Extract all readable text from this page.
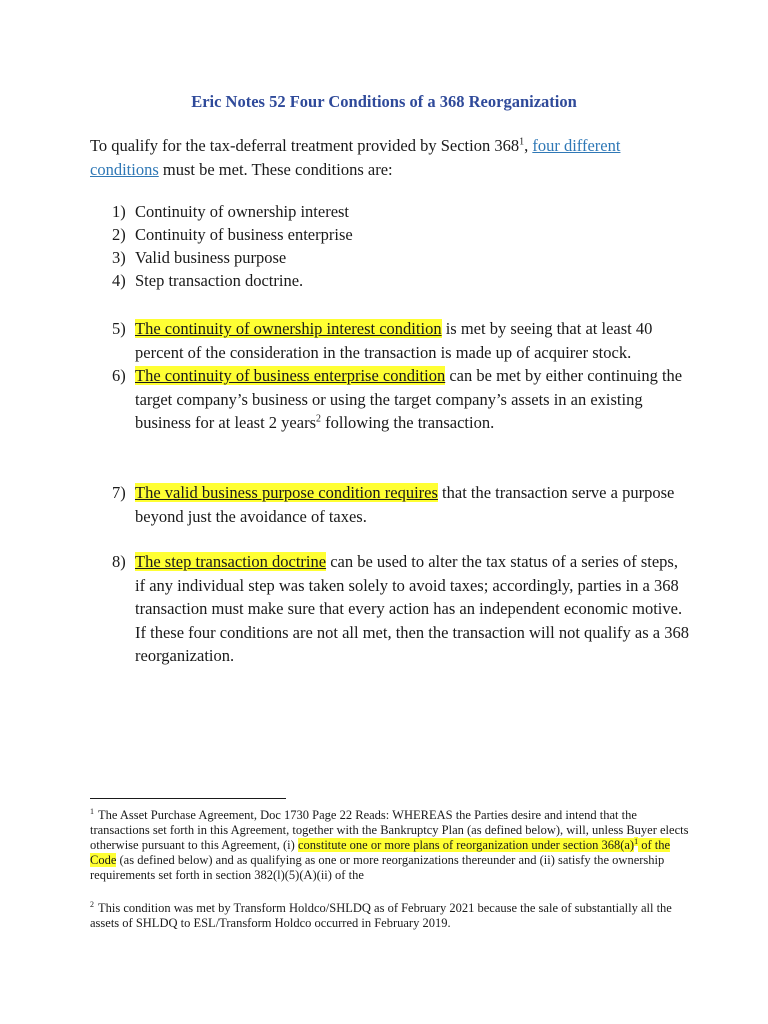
Eric Notes 52 Four Conditions of a 368 Reorganization

To qualify for the tax-deferral treatment provided by Section $368^1$, four different conditions must be met. These conditions are:

1) Continuity of ownership interest
2) Continuity of business enterprise
3) Valid business purpose
4) Step transaction doctrine.
5) The continuity of ownership interest condition is met by seeing that at least 40 percent of the consideration in the transaction is made up of acquirer stock.
6) The continuity of business enterprise condition can be met by either continuing the target company’s business or using the target company’s assets in an existing business for at least 2 years$^2$ following the transaction.
7) The valid business purpose condition requires that the transaction serve a purpose beyond just the avoidance of taxes.
8) The step transaction doctrine can be used to alter the tax status of a series of steps, if any individual step was taken solely to avoid taxes; accordingly, parties in a 368 transaction must make sure that every action has an independent economic motive. If these four conditions are not all met, then the transaction will not qualify as a 368 reorganization.

$^1$ The Asset Purchase Agreement, Doc 1730 Page 22 Reads: WHEREAS the Parties desire and intend that the transactions set forth in this Agreement, together with the Bankruptcy Plan (as defined below), will, unless Buyer elects otherwise pursuant to this Agreement, (i) constitute one or more plans of reorganization under section $368(a)^1$ of the Code (as defined below) and as qualifying as one or more reorganizations thereunder and (ii) satisfy the ownership requirements set forth in section 382(l)(5)(A)(ii) of the

$^2$ This condition was met by Transform Holdco/SHLDQ as of February 2021 because the sale of substantially all the assets of SHLDQ to ESL/Transform Holdco occurred in February 2019.
